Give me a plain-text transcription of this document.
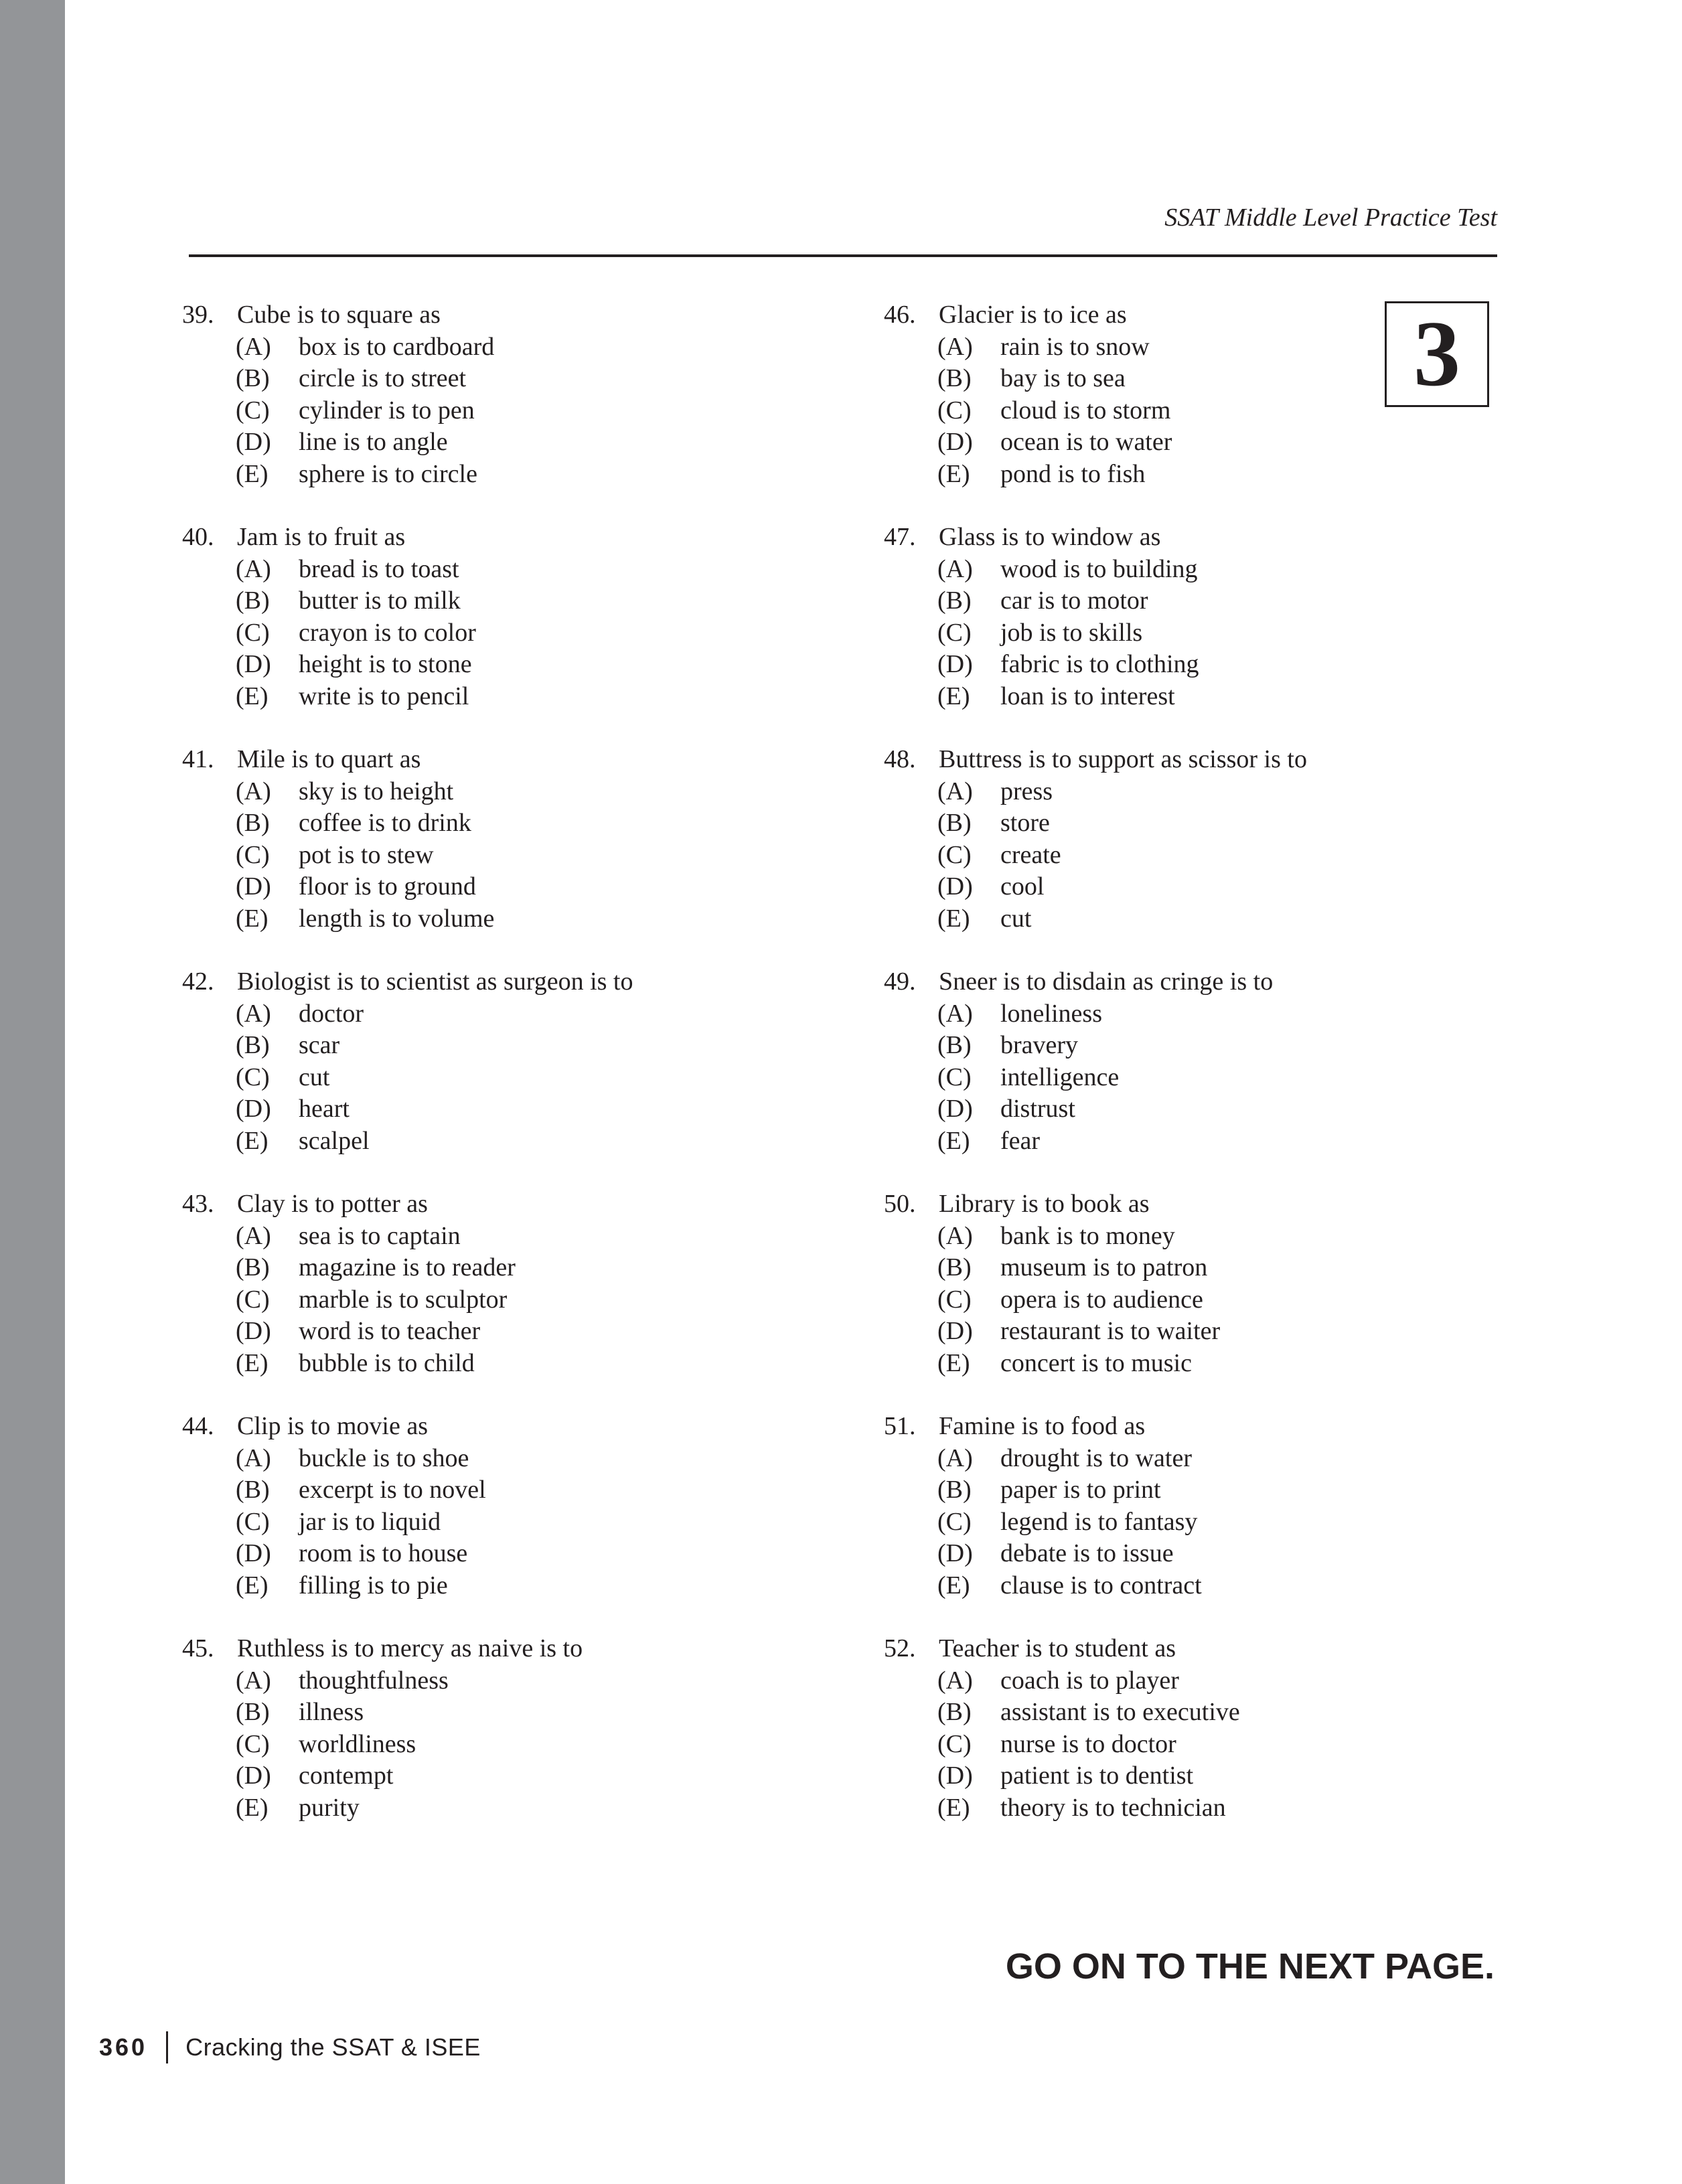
SSAT Middle Level Practice Test
3
39. Cube is to square as
(A)	box is to cardboard
(B)	circle is to street
(C)	cylinder is to pen
(D)	line is to angle
(E)	sphere is to circle
40. Jam is to fruit as
(A)	bread is to toast
(B)	butter is to milk
(C)	crayon is to color
(D)	height is to stone
(E)	write is to pencil
41. Mile is to quart as
(A)	sky is to height
(B)	coffee is to drink
(C)	pot is to stew
(D)	floor is to ground
(E)	length is to volume
42. Biologist is to scientist as surgeon is to
(A)	doctor
(B)	scar
(C)	cut
(D)	heart
(E)	scalpel
43. Clay is to potter as
(A)	sea is to captain
(B)	magazine is to reader
(C)	marble is to sculptor
(D)	word is to teacher
(E)	bubble is to child
44. Clip is to movie as
(A)	buckle is to shoe
(B)	excerpt is to novel
(C)	jar is to liquid
(D)	room is to house
(E)	filling is to pie
45. Ruthless is to mercy as naive is to
(A)	thoughtfulness
(B)	illness
(C)	worldliness
(D)	contempt
(E)	purity
46. Glacier is to ice as
(A)	rain is to snow
(B)	bay is to sea
(C)	cloud is to storm
(D)	ocean is to water
(E)	pond is to fish
47. Glass is to window as
(A)	wood is to building
(B)	car is to motor
(C)	job is to skills
(D)	fabric is to clothing
(E)	loan is to interest
48. Buttress is to support as scissor is to
(A)	press
(B)	store
(C)	create
(D)	cool
(E)	cut
49. Sneer is to disdain as cringe is to
(A)	loneliness
(B)	bravery
(C)	intelligence
(D)	distrust
(E)	fear
50. Library is to book as
(A)	bank is to money
(B)	museum is to patron
(C)	opera is to audience
(D)	restaurant is to waiter
(E)	concert is to music
51. Famine is to food as
(A)	drought is to water
(B)	paper is to print
(C)	legend is to fantasy
(D)	debate is to issue
(E)	clause is to contract
52. Teacher is to student as
(A)	coach is to player
(B)	assistant is to executive
(C)	nurse is to doctor
(D)	patient is to dentist
(E)	theory is to technician
GO ON TO THE NEXT PAGE.
360 Cracking the SSAT & ISEE
